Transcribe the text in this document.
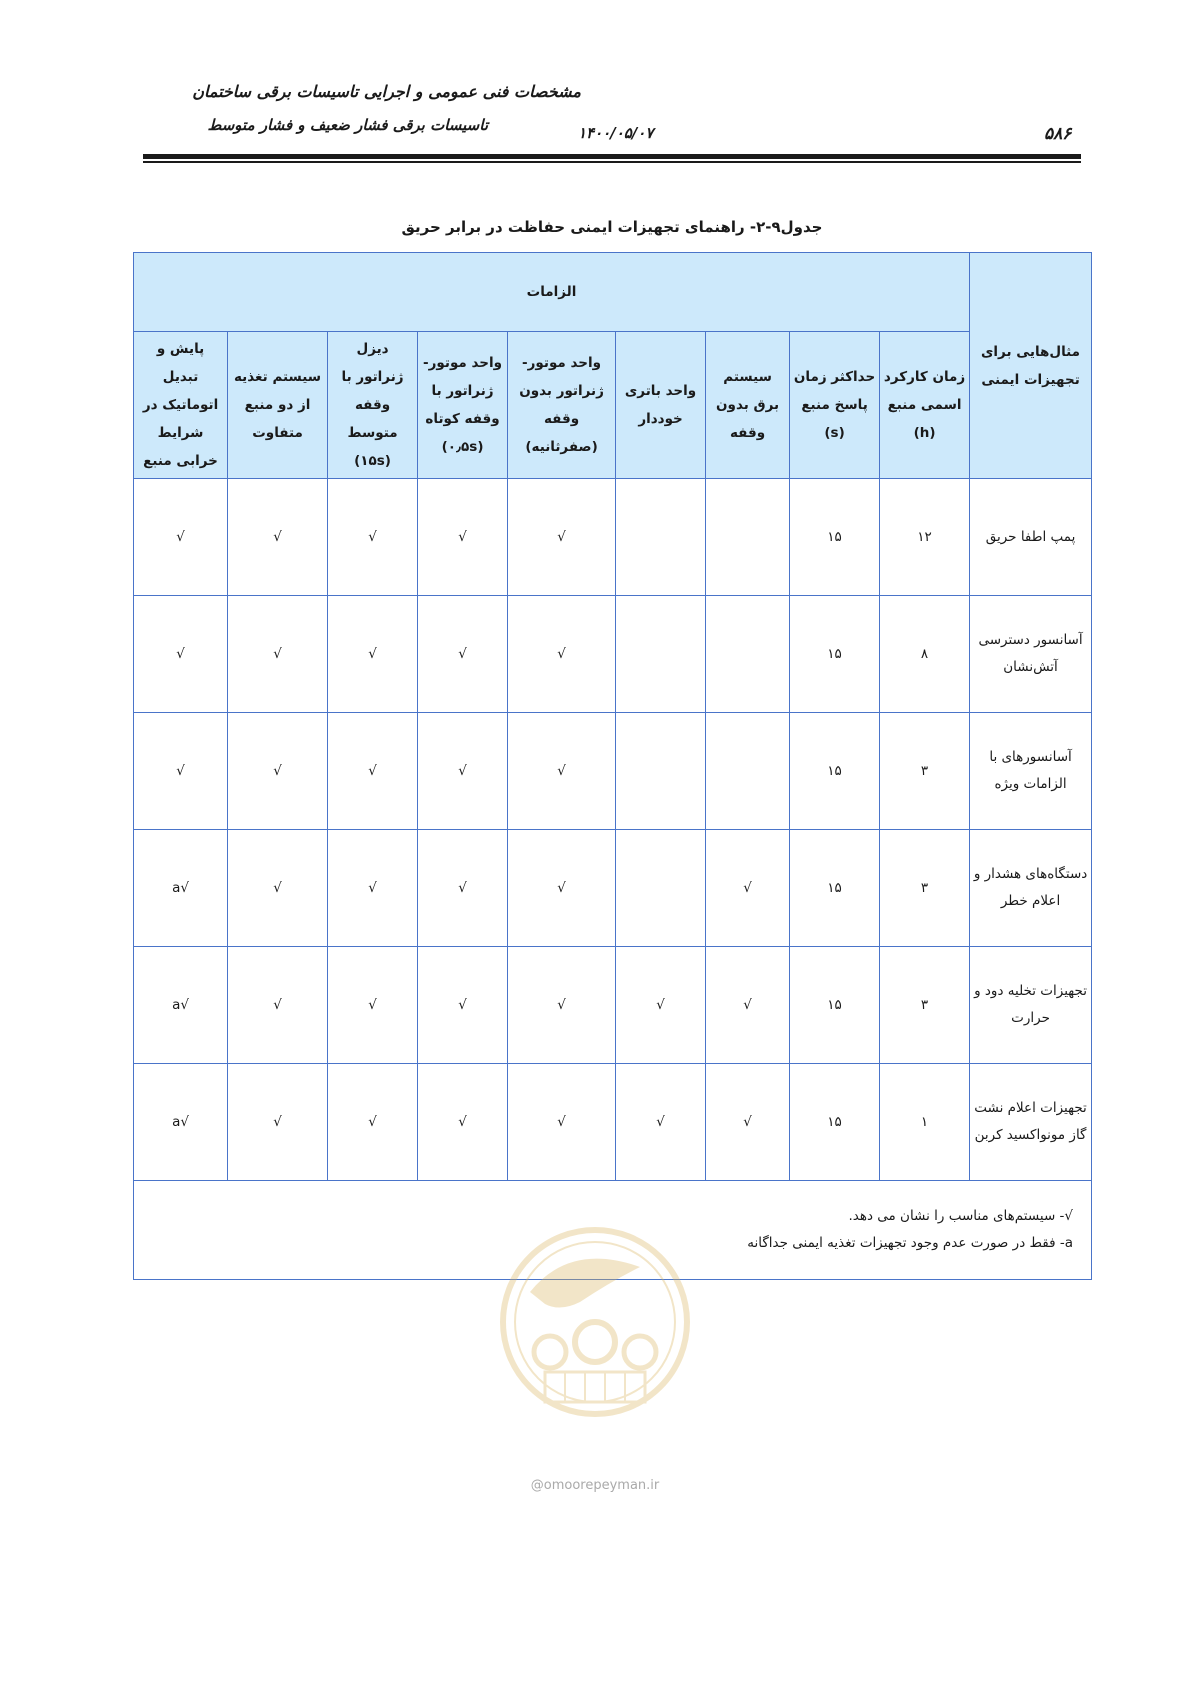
مشخصات فنی عمومی و اجرایی تاسیسات برقی ساختمان
تاسیسات برقی فشار ضعیف و فشار متوسط	۱۴۰۰/۰۵/۰۷	۵۸۶
جدول۹-۲- راهنمای تجهیزات ایمنی حفاظت در برابر حریق
مثال‌هایی برای تجهیزات ایمنی	الزامات								
	زمان کارکرد اسمی منبع (h)	حداکثر زمان پاسخ منبع (s)	سیستم برق بدون وقفه	واحد باتری خوددار	واحد موتور- ژنراتور بدون وقفه (صفرثانیه)	واحد موتور- ژنراتور با وقفه کوتاه (۰٫۵s)	دیزل ژنراتور با وقفه متوسط (۱۵s)	سیستم تغذیه از دو منبع متفاوت	پایش و تبدیل اتوماتیک در شرایط خرابی منبع
پمپ اطفا حریق	۱۲	۱۵			√	√	√	√	√
آسانسور دسترسی آتش‌نشان	۸	۱۵			√	√	√	√	√
آسانسورهای با الزامات ویژه	۳	۱۵			√	√	√	√	√
دستگاه‌های هشدار و اعلام خطر	۳	۱۵	√		√	√	√	√	√a
تجهیزات تخلیه دود و حرارت	۳	۱۵	√	√	√	√	√	√	√a
تجهیزات اعلام نشت گاز مونواکسید کربن	۱	۱۵	√	√	√	√	√	√	√a

√- سیستم‌های مناسب را نشان می دهد.
a- فقط در صورت عدم وجود تجهیزات تغذیه ایمنی جداگانه									
@omoorepeyman.ir
